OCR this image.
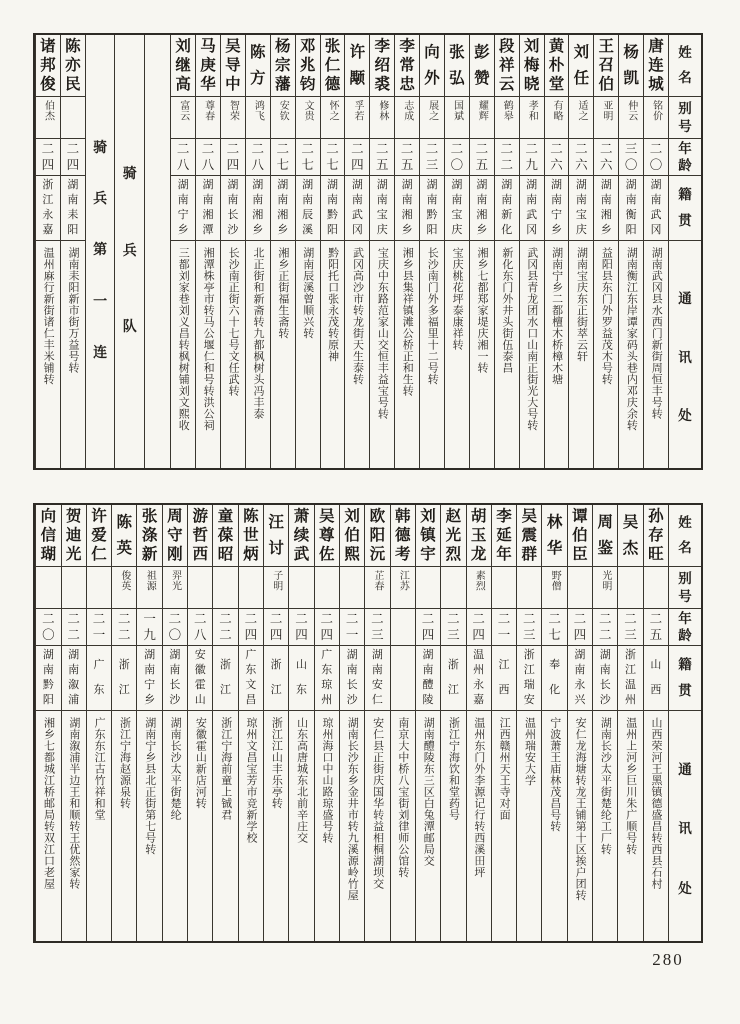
姓
名
别
号
年
龄
籍
贯
通
讯
处
唐
连
城
铭价
二
〇
湖
南
武
冈
湖南武冈县水西门新街周恒丰号转
杨
凯
仲云
三
〇
湖
南
衡
阳
湖南衡江东岸谭家码头巷内邓庆余转
王
召
伯
亚明
二
六
湖
南
湘
乡
益阳县东门外罗益茂木号转
刘
任
适之
二
六
湖
南
宝
庆
湖南宝庆东正街萃云轩
黄
朴
堂
有略
二
六
湖
南
宁
乡
湖南宁乡二都檀木桥樟木塘
刘
梅
晓
孝和
二
九
湖
南
武
冈
武冈县青龙团水口山南正街光大号转
段
祥
云
鹤皋
二
二
湖
南
新
化
新化东门外井头街伍泰昌
彭
赞
耀辉
二
五
湖
南
湘
乡
湘乡七都郑家堤庆湘一转
张
弘
国斌
二
〇
湖
南
宝
庆
宝庆桃花坪泰康祥转
向
外
展之
二
三
湖
南
黔
阳
长沙南门外多福里十二号转
李
常
忠
志成
二
五
湖
南
湘
乡
湘乡县集祥镇滩公桥正和生转
李
绍
裘
修林
二
五
湖
南
宝
庆
宝庆中东路范家山交恒丰益宝号转
许
颙
孚若
二
四
湖
南
武
冈
武冈高沙市转龙街天生泰转
张
仁
德
怀之
二
七
湖
南
黔
阳
黔阳托口张永茂转原神
邓
兆
钧
文贵
二
七
湖
南
辰
溪
湖南辰溪曾顺兴转
杨
宗
藩
安钦
二
七
湖
南
湘
乡
湘乡正街福生斋转
陈
方
鸿飞
二
八
湖
南
湘
乡
北正街和新斋转九都枫树头冯丰泰
吴
导
中
智荣
二
四
湖
南
长
沙
长沙南正街六十七号文任武转
马
庚
华
尊春
二
八
湖
南
湘
潭
湘潭株亭市转马公堰仁和号转洪公祠
刘
继
高
富云
二
八
湖
南
宁
乡
三都刘家巷刘义昌转枫树铺刘文熙收
骑
兵
队
骑
兵
第
一
连
陈
亦
民
二
四
湖
南
耒
阳
湖南耒阳新市街万益号转
诸
邦
俊
伯杰
二
四
浙
江
永
嘉
温州麻行新街诸仁丰米铺转
姓
名
别
号
年
龄
籍
贯
通
讯
处
孙
存
旺
二
五
山
西
山西荣河王黑镇德盛昌转西县石村
吴
杰
二
三
浙
江
温
州
温州上河乡巨川朱广顺号转
周
鉴
光明
二
二
湖
南
长
沙
湖南长沙太平街楚纶工厂转
谭
伯
臣
二
四
湖
南
永
兴
安仁龙海塘转龙王铺第十区挨户团转
林
华
野僧
二
七
奉
化
宁波萧王庙林茂昌号转
吴
震
群
二
三
浙
江
瑞
安
温州瑞安大学
李
延
年
二
一
江
西
江西赣州天王寺对面
胡
玉
龙
素烈
二
四
温
州
永
嘉
温州东门外李源记行转西溪田坪
赵
光
烈
二
三
浙
江
浙江宁海饮和堂药号
刘
镇
宇
二
四
湖
南
醴
陵
湖南醴陵东三区白兔潭邮局交
韩
德
考
江苏
南京大中桥八宝街刘律师公馆转
欧
阳
沅
芷春
二
三
湖
南
安
仁
安仁县正街庆国华转益相桐湖坝交
刘
伯
熙
二
一
湖
南
长
沙
湖南长沙东乡金井市转九溪源岭竹屋
吴
尊
佐
二
四
广
东
琼
州
琼州海口中山路琼盛号转
萧
续
武
二
四
山
东
山东高唐城东北前辛庄交
汪
讨
子明
二
四
浙
江
浙江江山丰乐亭转
陈
世
炳
二
四
广
东
文
昌
琼州文昌宝芳市竞新学校
童
葆
昭
二
二
浙
江
浙江宁海前童上铖君
游
哲
西
二
八
安
徽
霍
山
安徽霍山新店河转
周
守
刚
羿光
二
〇
湖
南
长
沙
湖南长沙太平街楚纶
张
涤
新
祖源
一
九
湖
南
宁
乡
湖南宁乡县北正街第七号转
陈
英
俊英
二
二
浙
江
浙江宁海赵源泉转
许
爱
仁
二
一
广
东
广东东江古竹祥和堂
贺
迪
光
二
二
湖
南
溆
浦
湖南溆浦半边王和顺转王优然家转
向
信
瑚
二
〇
湖
南
黔
阳
湘乡七都城江桥邮局转双江口老屋
280
